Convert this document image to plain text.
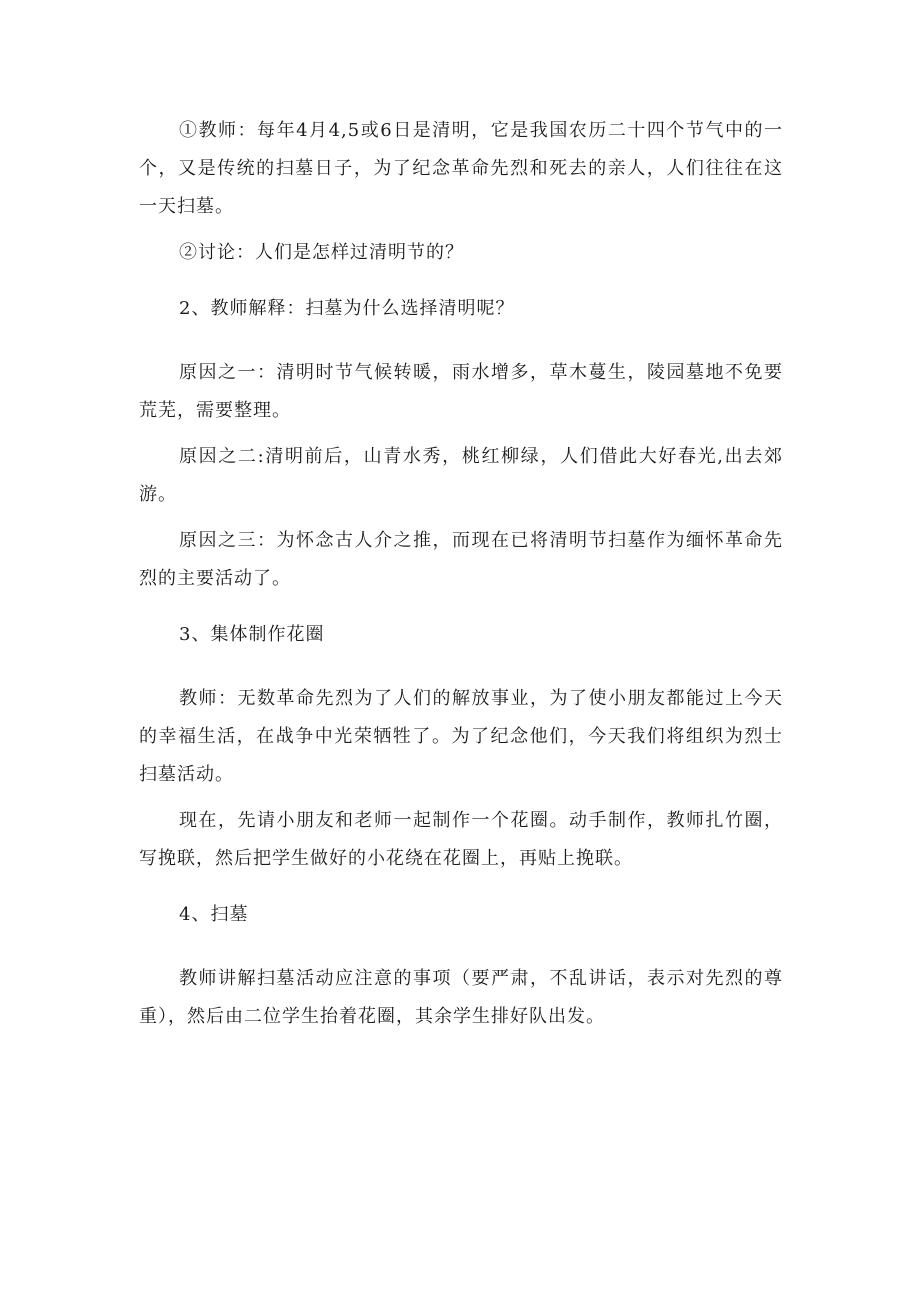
①教师：每年4月4,5或6日是清明，它是我国农历二十四个节气中的一个，又是传统的扫墓日子，为了纪念革命先烈和死去的亲人，人们往往在这一天扫墓。

②讨论：人们是怎样过清明节的？

2、教师解释：扫墓为什么选择清明呢？

原因之一：清明时节气候转暖，雨水增多，草木蔓生，陵园墓地不免要荒芜，需要整理。

原因之二:清明前后，山青水秀，桃红柳绿，人们借此大好春光,出去郊游。

原因之三：为怀念古人介之推，而现在已将清明节扫墓作为缅怀革命先烈的主要活动了。

3、集体制作花圈

教师：无数革命先烈为了人们的解放事业，为了使小朋友都能过上今天的幸福生活，在战争中光荣牺牲了。为了纪念他们，今天我们将组织为烈士扫墓活动。

现在，先请小朋友和老师一起制作一个花圈。动手制作，教师扎竹圈，写挽联，然后把学生做好的小花绕在花圈上，再贴上挽联。

4、扫墓

教师讲解扫墓活动应注意的事项（要严肃，不乱讲话，表示对先烈的尊重），然后由二位学生抬着花圈，其余学生排好队出发。
